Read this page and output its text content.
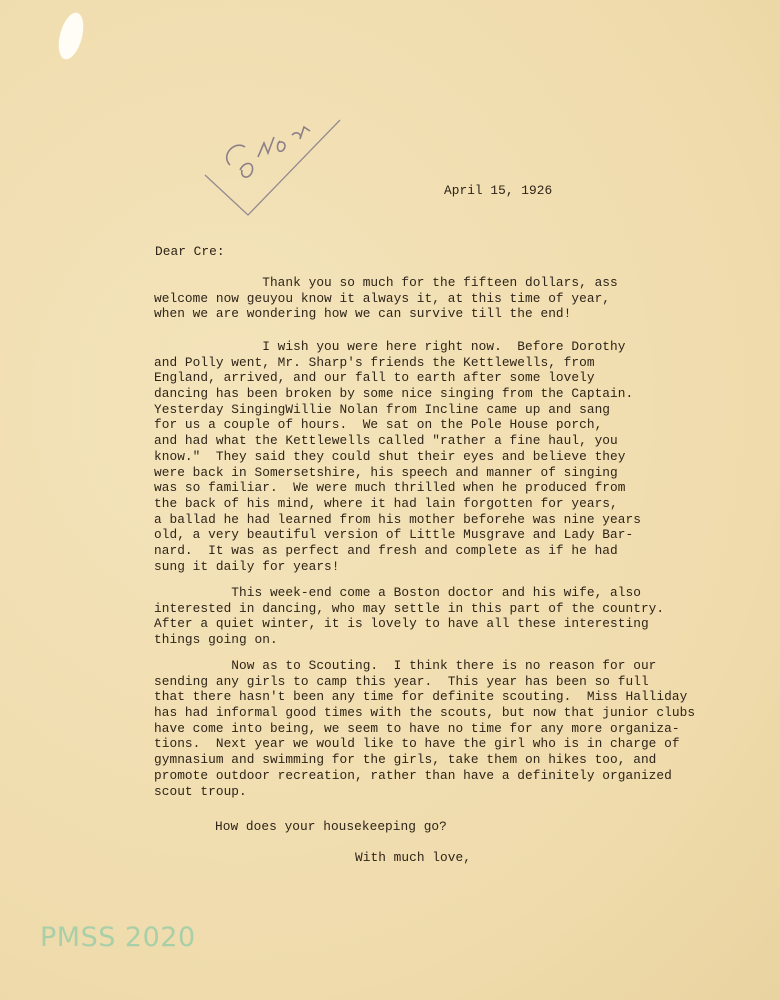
April 15, 1926
Dear Cre:
Thank you so much for the fifteen dollars, ass
welcome now geuyou know it always it, at this time of year,
when we are wondering how we can survive till the end!
I wish you were here right now.  Before Dorothy
and Polly went, Mr. Sharp's friends the Kettlewells, from
England, arrived, and our fall to earth after some lovely
dancing has been broken by some nice singing from the Captain.
Yesterday SingingWillie Nolan from Incline came up and sang
for us a couple of hours.  We sat on the Pole House porch,
and had what the Kettlewells called "rather a fine haul, you
know."  They said they could shut their eyes and believe they
were back in Somersetshire, his speech and manner of singing
was so familiar.  We were much thrilled when he produced from
the back of his mind, where it had lain forgotten for years,
a ballad he had learned from his mother beforehe was nine years
old, a very beautiful version of Little Musgrave and Lady Bar-
nard.  It was as perfect and fresh and complete as if he had
sung it daily for years!
This week-end come a Boston doctor and his wife, also
interested in dancing, who may settle in this part of the country.
After a quiet winter, it is lovely to have all these interesting
things going on.
Now as to Scouting.  I think there is no reason for our
sending any girls to camp this year.  This year has been so full
that there hasn't been any time for definite scouting.  Miss Halliday
has had informal good times with the scouts, but now that junior clubs
have come into being, we seem to have no time for any more organiza-
tions.  Next year we would like to have the girl who is in charge of
gymnasium and swimming for the girls, take them on hikes too, and
promote outdoor recreation, rather than have a definitely organized
scout troup.
How does your housekeeping go?
With much love,
PMSS 2020
